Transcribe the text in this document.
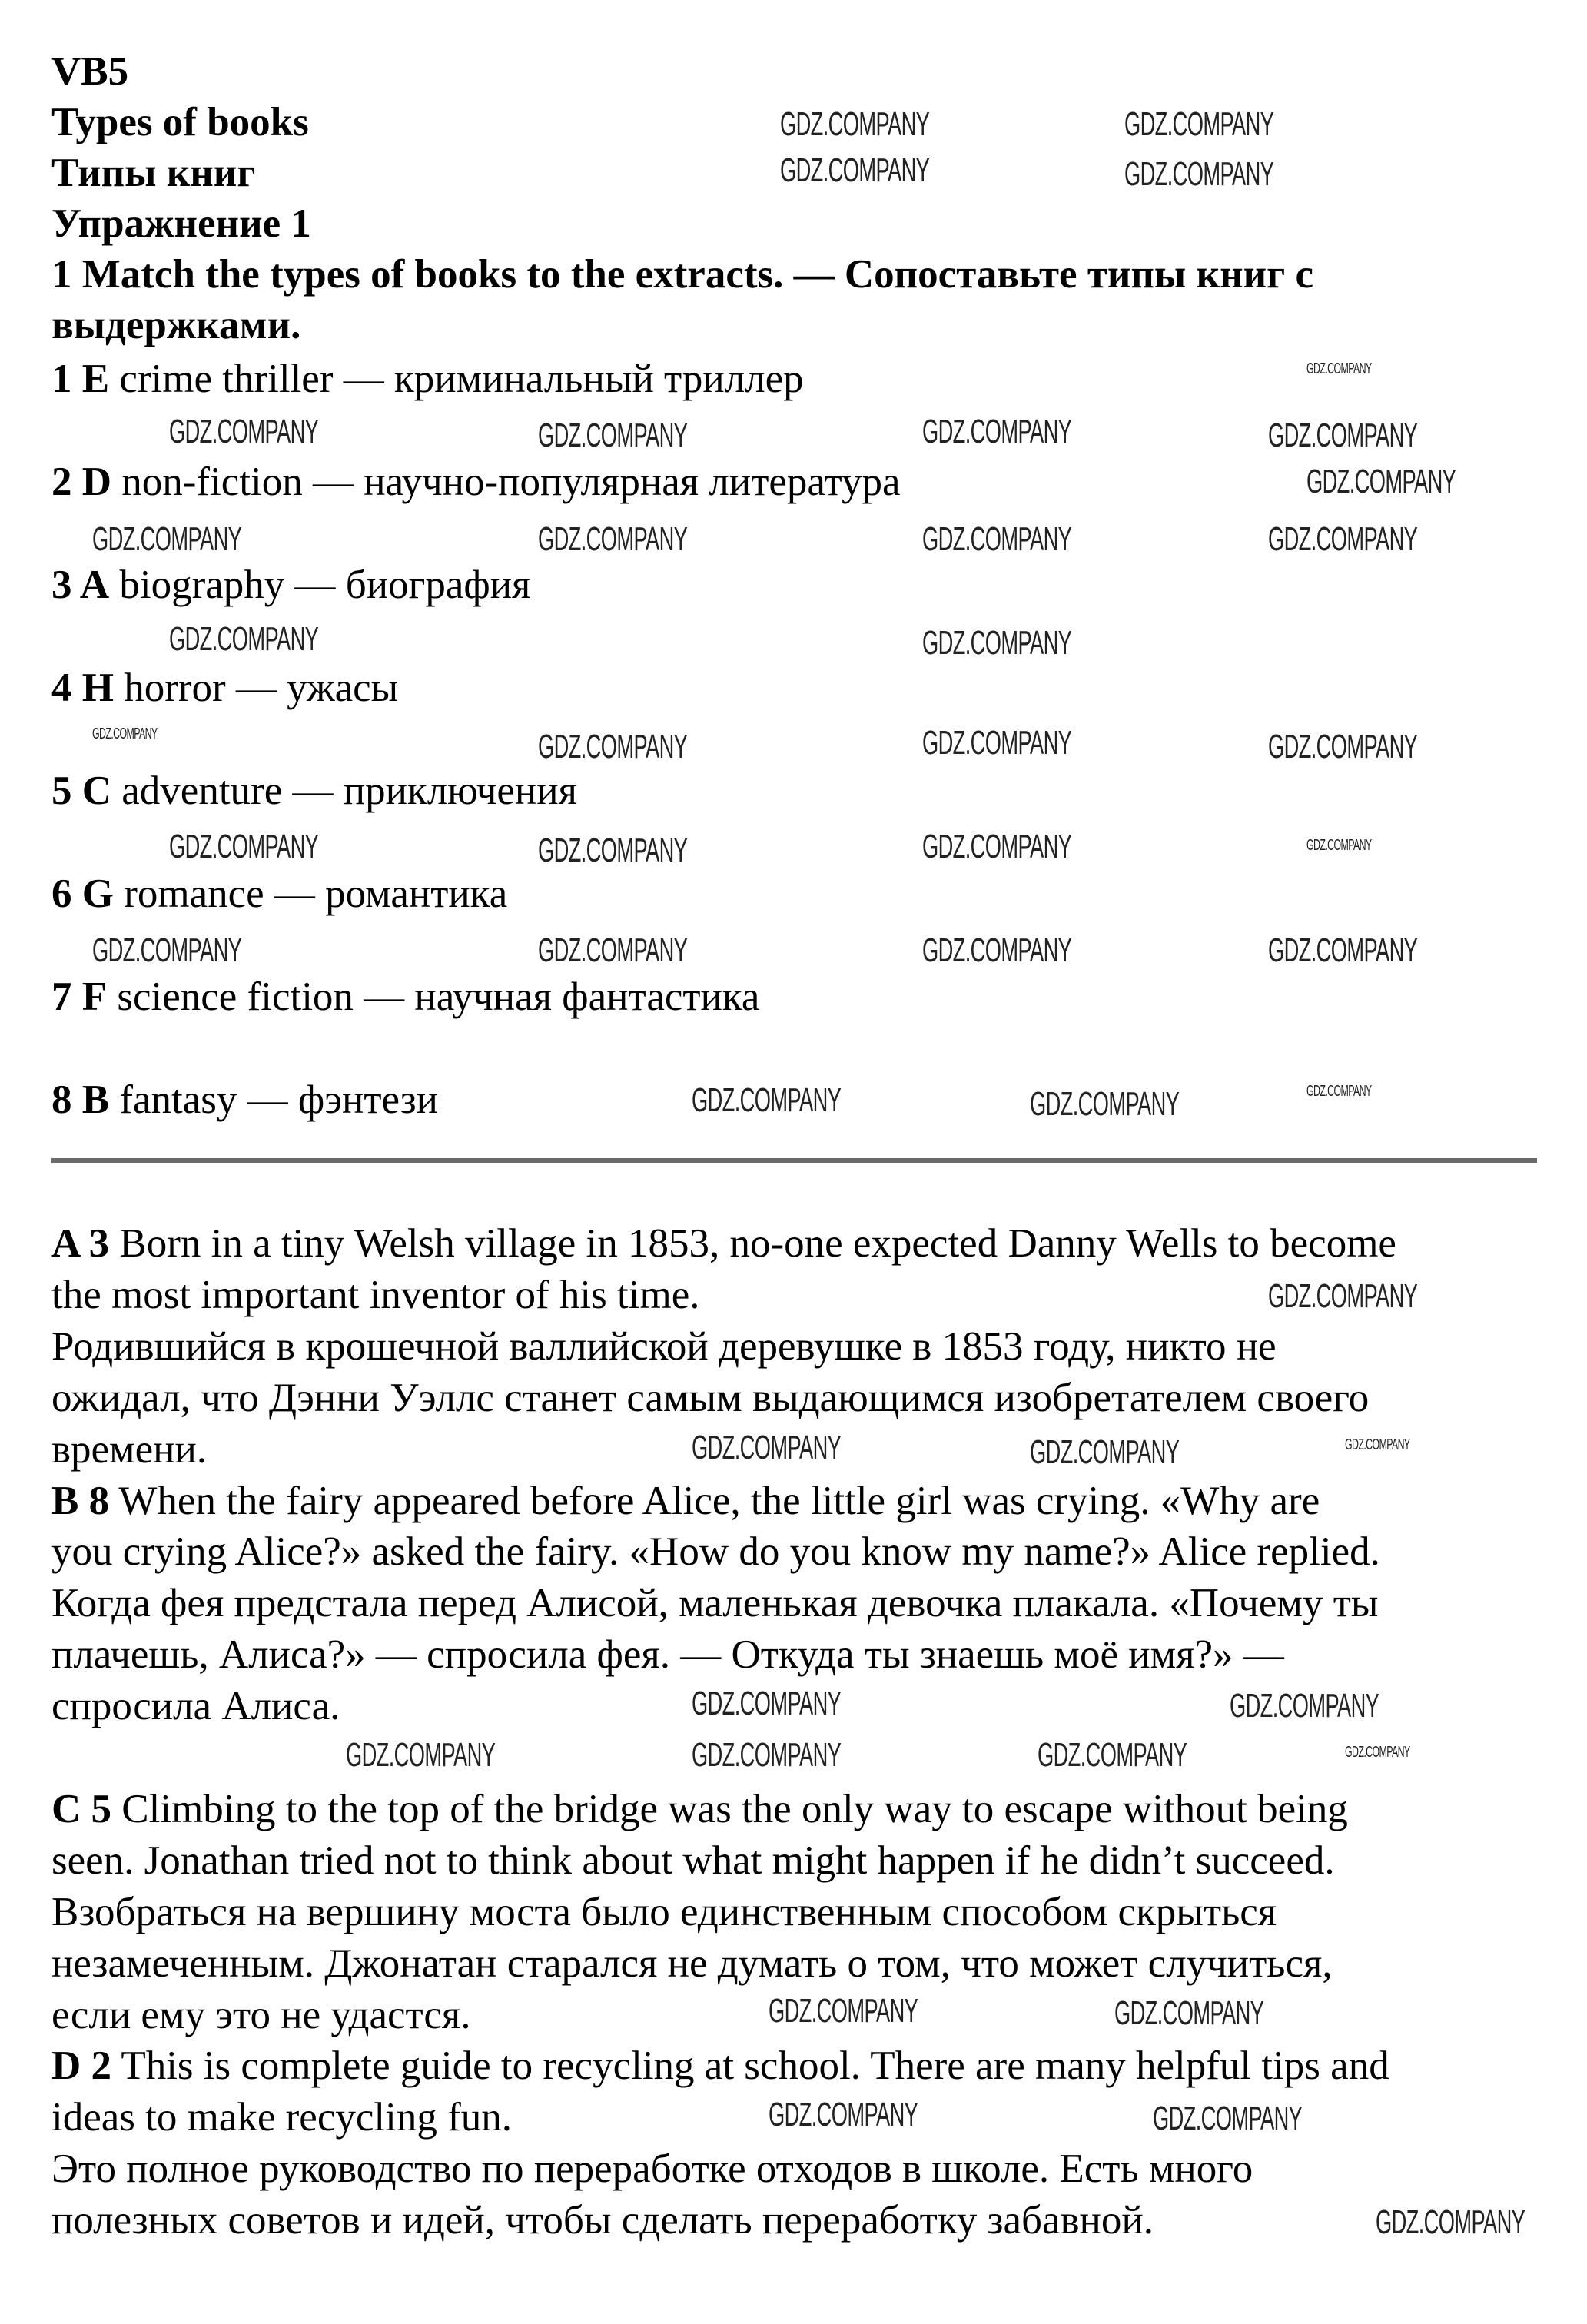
VB5
Types of books
Типы книг
Упражнение 1
1 Match the types of books to the extracts. — Сопоставьте типы книг с
выдержками.
1 E crime thriller — криминальный триллер
2 D non-fiction — научно-популярная литература
3 A biography — биография
4 H horror — ужасы
5 C adventure — приключения
6 G romance — романтика
7 F science fiction — научная фантастика
8 B fantasy — фэнтези
A 3 Born in a tiny Welsh village in 1853, no-one expected Danny Wells to become
the most important inventor of his time.
Родившийся в крошечной валлийской деревушке в 1853 году, никто не
ожидал, что Дэнни Уэллс станет самым выдающимся изобретателем своего
времени.
B 8 When the fairy appeared before Alice, the little girl was crying. «Why are
you crying Alice?» asked the fairy. «How do you know my name?» Alice replied.
Когда фея предстала перед Алисой, маленькая девочка плакала. «Почему ты
плачешь, Алиса?» — спросила фея. — Откуда ты знаешь моё имя?» —
спросила Алиса.
C 5 Climbing to the top of the bridge was the only way to escape without being
seen. Jonathan tried not to think about what might happen if he didn’t succeed.
Взобраться на вершину моста было единственным способом скрыться
незамеченным. Джонатан старался не думать о том, что может случиться,
если ему это не удастся.
D 2 This is complete guide to recycling at school. There are many helpful tips and
ideas to make recycling fun.
Это полное руководство по переработке отходов в школе. Есть много
полезных советов и идей, чтобы сделать переработку забавной.
GDZ.COMPANY	GDZ.COMPANY
GDZ.COMPANY	GDZ.COMPANY
GDZ.COMPANY	GDZ.COMPANY	GDZ.COMPANY	GDZ.COMPANY
GDZ.COMPANY	GDZ.COMPANY	GDZ.COMPANY	GDZ.COMPANY
GDZ.COMPANY
GDZ.COMPANY
GDZ.COMPANY
GDZ.COMPANY
GDZ.COMPANY	GDZ.COMPANY	GDZ.COMPANY	GDZ.COMPANY
GDZ.COMPANY	GDZ.COMPANY	GDZ.COMPANY	GDZ.COMPANY
GDZ.COMPANY	GDZ.COMPANY	GDZ.COMPANY	GDZ.COMPANY
GDZ.COMPANY	GDZ.COMPANY	GDZ.COMPANY
GDZ.COMPANY
GDZ.COMPANY	GDZ.COMPANY	GDZ.COMPANY
GDZ.COMPANY	GDZ.COMPANY
GDZ.COMPANY	GDZ.COMPANY	GDZ.COMPANY	GDZ.COMPANY
GDZ.COMPANY	GDZ.COMPANY
GDZ.COMPANY	GDZ.COMPANY
GDZ.COMPANY
